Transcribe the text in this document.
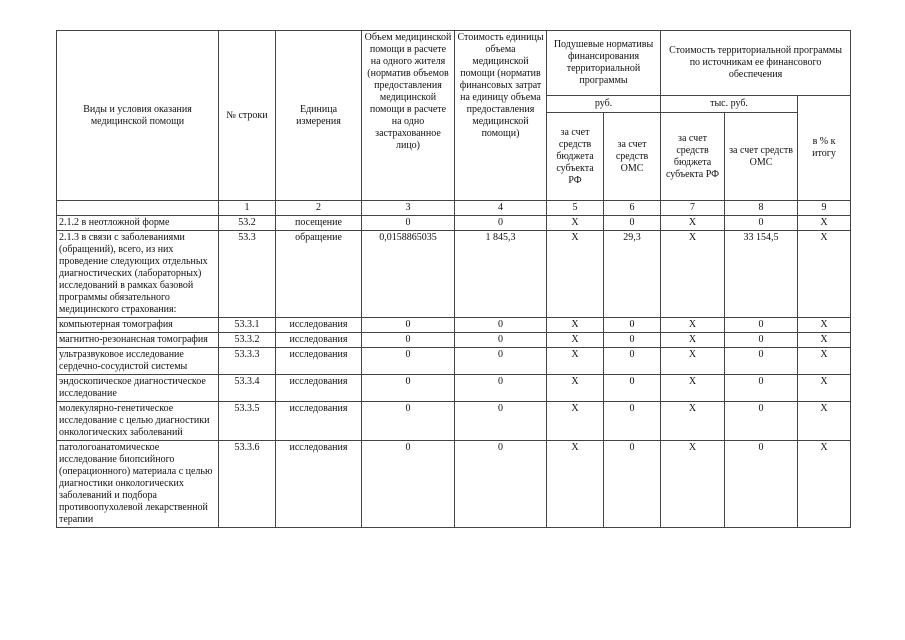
Виды и условия оказания медицинской помощи	№ строки	Единица измерения	Объем медицинской помощи в расчете на одного жителя (норматив объемов предоставления медицинской помощи в расчете на одно застрахованное лицо)	Стоимость единицы объема медицинской помощи (норматив финансовых затрат на единицу объема предоставления медицинской помощи)	Подушевые нормативы финансирования территориальной программы		Стоимость территориальной программы по источникам ее финансового обеспечения		
					руб.		тыс. руб.		в % к итогу
					за счет средств бюджета субъекта РФ	за счет средств ОМС	за счет средств бюджета субъекта РФ	за счет средств ОМС	
	1	2	3	4	5	6	7	8	9
2.1.2 в неотложной форме	53.2	посещение	0	0	X	0	X	0	X
2.1.3 в связи с заболеваниями (обращений), всего, из них проведение следующих отдельных диагностических (лабораторных) исследований в рамках базовой программы обязательного медицинского страхования:	53.3	обращение	0,0158865035	1 845,3	X	29,3	X	33 154,5	X
компьютерная томография	53.3.1	исследования	0	0	X	0	X	0	X
магнитно-резонансная томография	53.3.2	исследования	0	0	X	0	X	0	X
ультразвуковое исследование сердечно-сосудистой системы	53.3.3	исследования	0	0	X	0	X	0	X
эндоскопическое диагностическое исследование	53.3.4	исследования	0	0	X	0	X	0	X
молекулярно-генетическое исследование с целью диагностики онкологических заболеваний	53.3.5	исследования	0	0	X	0	X	0	X
патологоанатомическое исследование биопсийного (операционного) материала с целью диагностики онкологических заболеваний и подбора противоопухолевой лекарственной терапии	53.3.6	исследования	0	0	X	0	X	0	X
